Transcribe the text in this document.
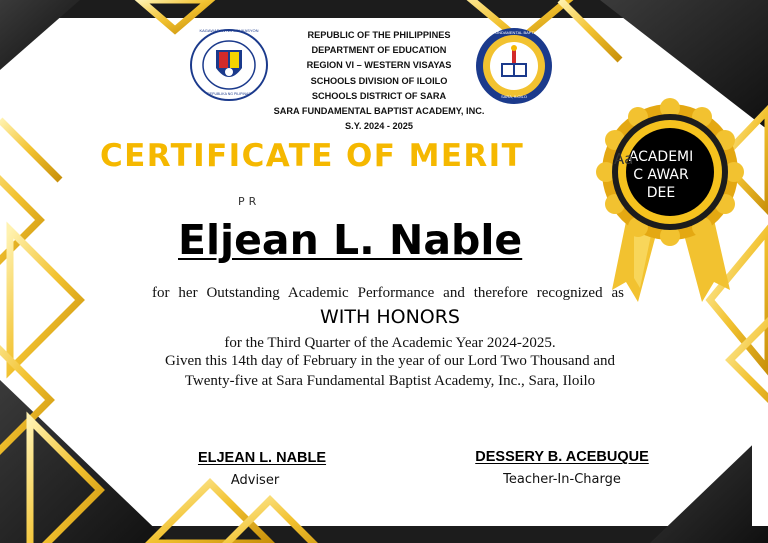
KAGAWARAN NG EDUKASYON
REPUBLIKA NG PILIPINAS
SARA FUNDAMENTAL BAPTIST ACADEMY
SARA, ILOILO
REPUBLIC OF THE PHILIPPINES
DEPARTMENT OF EDUCATION
REGION VI – WESTERN VISAYAS
SCHOOLS DIVISION OF ILOILO
SCHOOLS DISTRICT OF SARA
SARA FUNDAMENTAL BAPTIST ACADEMY, INC.
S.Y. 2024 - 2025
ACADEMIC AWARDEE
Aa
CERTIFICATE OF MERIT
PR
Eljean L. Nable
for her Outstanding Academic Performance and therefore recognized as
WITH HONORS
for the Third Quarter of the Academic Year 2024-2025.
Given this 14th day of February in the year of our Lord Two Thousand and
Twenty-five at Sara Fundamental Baptist Academy, Inc., Sara, Iloilo
ELJEAN L. NABLE
Adviser
DESSERY B. ACEBUQUE
Teacher-In-Charge
